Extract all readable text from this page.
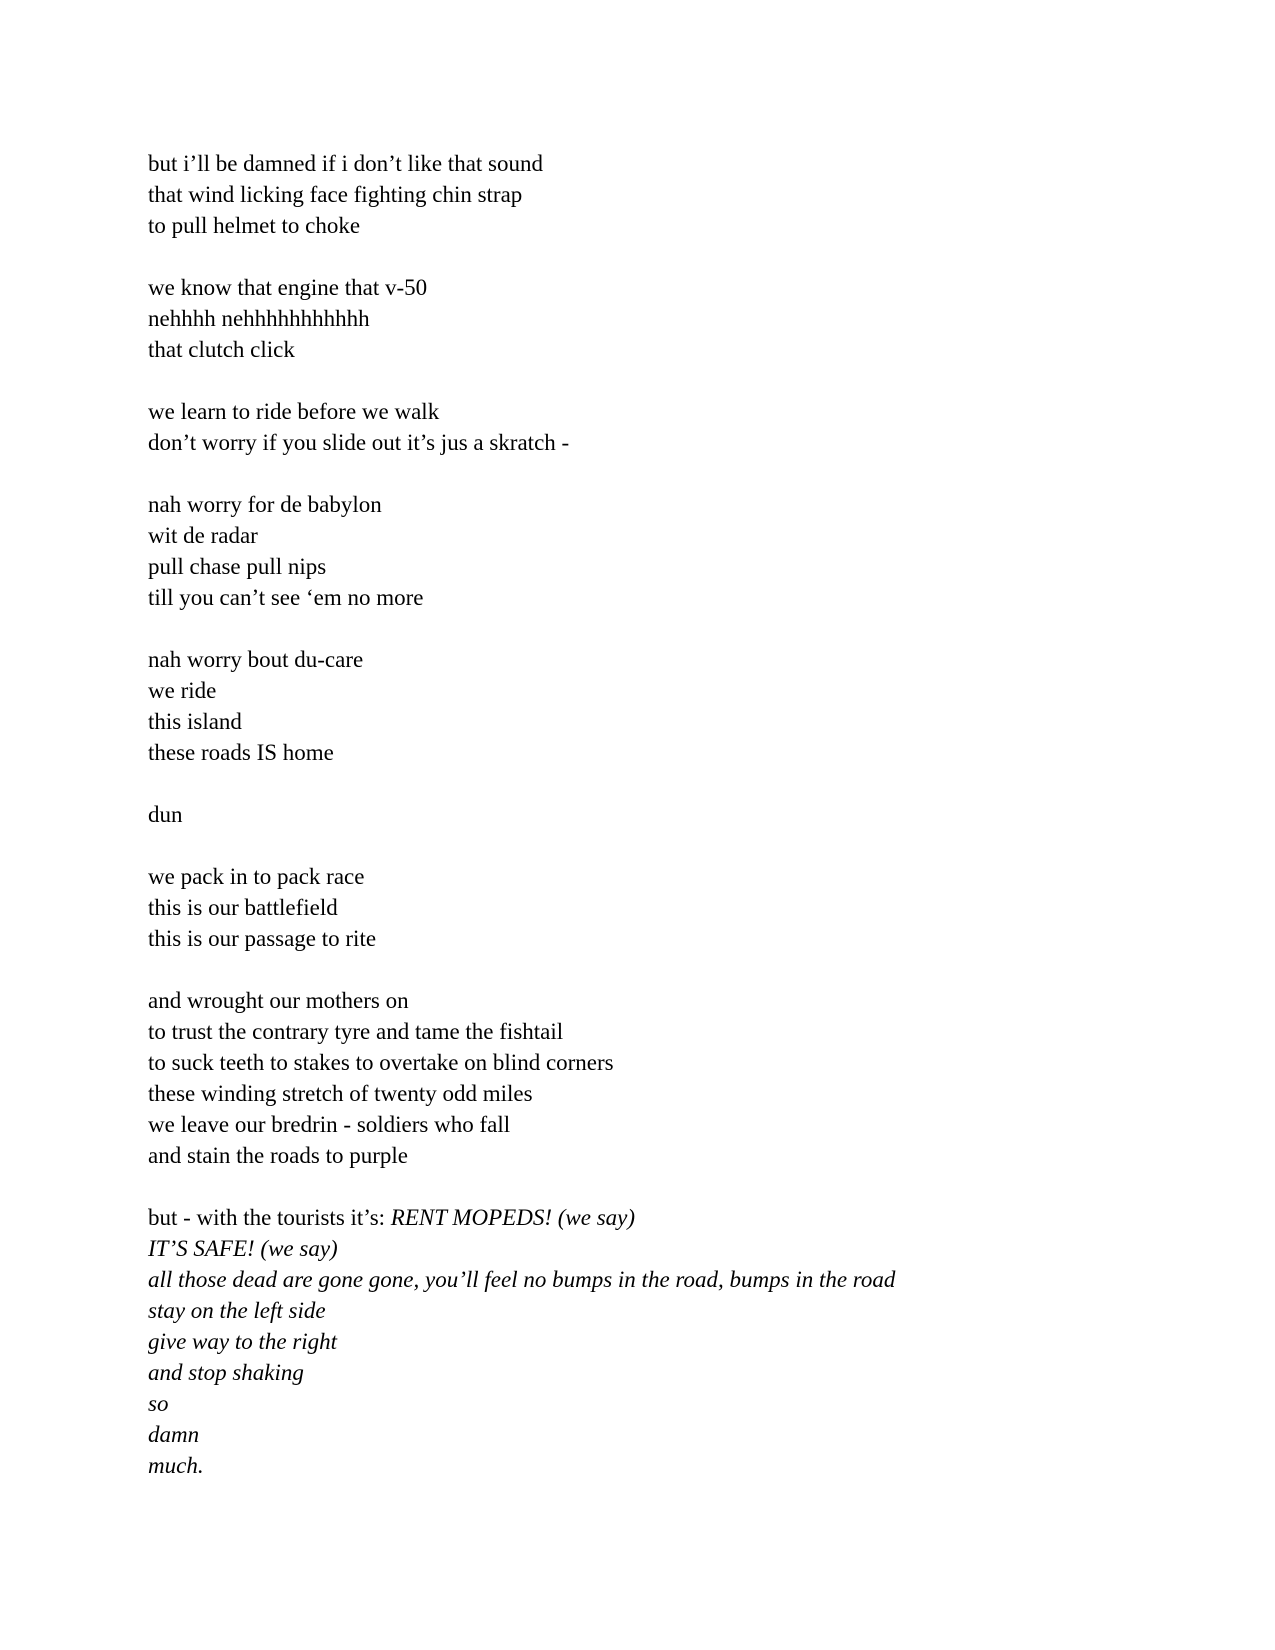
but i’ll be damned if i don’t like that sound
that wind licking face fighting chin strap
to pull helmet to choke
we know that engine that v-50
nehhhh nehhhhhhhhhhh
that clutch click
we learn to ride before we walk
don’t worry if you slide out it’s jus a skratch -
nah worry for de babylon
wit de radar
pull chase pull nips
till you can’t see ‘em no more
nah worry bout du-care
we ride
this island
these roads IS home
dun
we pack in to pack race
this is our battlefield
this is our passage to rite
and wrought our mothers on
to trust the contrary tyre and tame the fishtail
to suck teeth to stakes to overtake on blind corners
these winding stretch of twenty odd miles
we leave our bredrin - soldiers who fall
and stain the roads to purple
but - with the tourists it’s: RENT MOPEDS! (we say)
IT’S SAFE! (we say)
all those dead are gone gone, you’ll feel no bumps in the road, bumps in the road
stay on the left side
give way to the right
and stop shaking
so
damn
much.
